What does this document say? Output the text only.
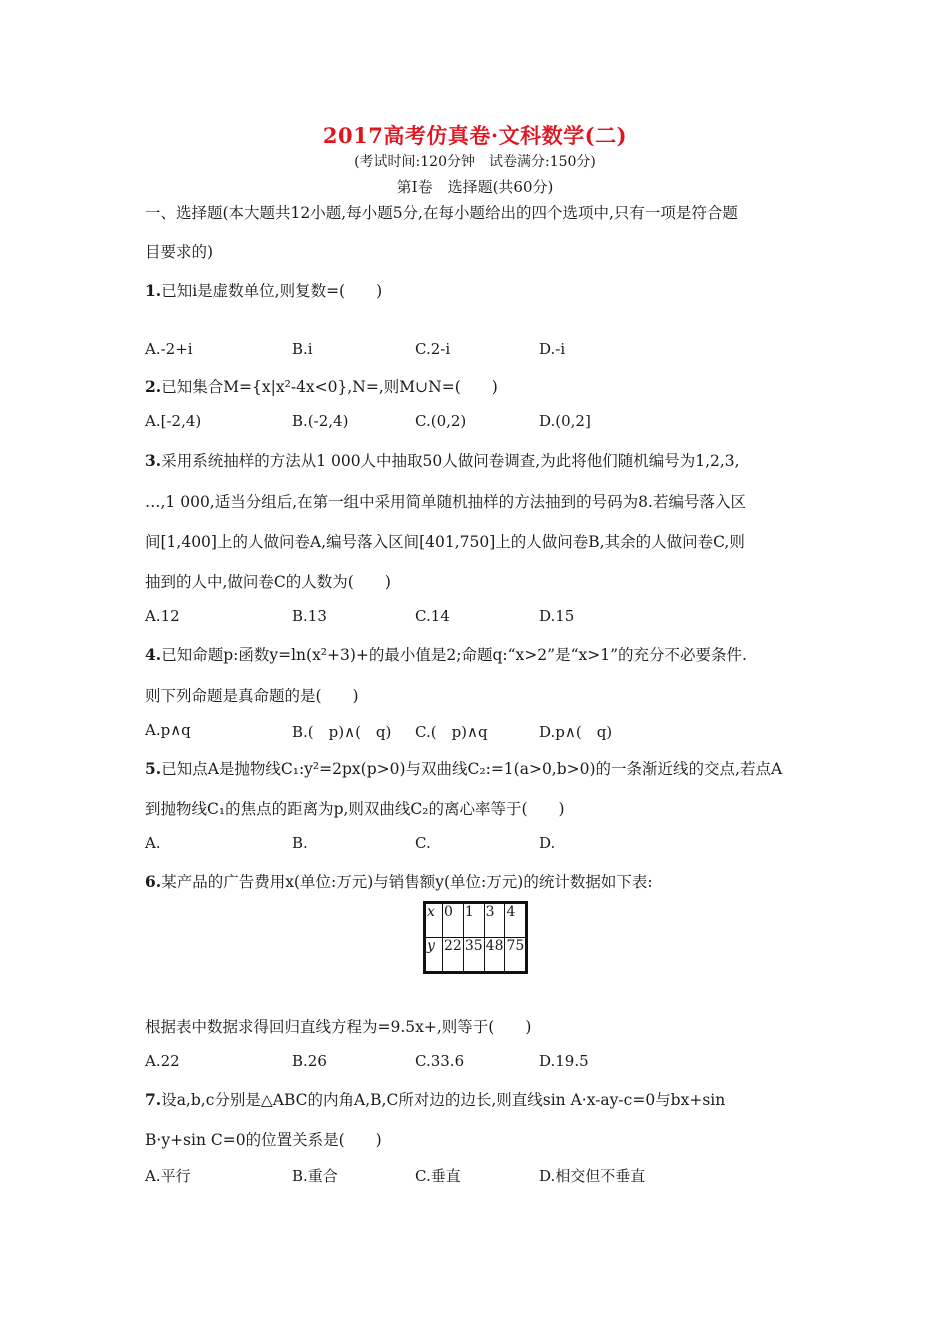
2017高考仿真卷·文科数学(二)
(考试时间:120分钟　试卷满分:150分)
第Ⅰ卷　选择题(共60分)
一、选择题(本大题共12小题,每小题5分,在每小题给出的四个选项中,只有一项是符合题
目要求的)
1.已知i是虚数单位,则复数=(　　)
A.-2+i	B.i	C.2-i	D.-i
2.已知集合M={x|x²-4x<0},N=,则M∪N=(　　)
A.[-2,4)	B.(-2,4)	C.(0,2)	D.(0,2]
3.采用系统抽样的方法从1 000人中抽取50人做问卷调查,为此将他们随机编号为1,2,3,
…,1 000,适当分组后,在第一组中采用简单随机抽样的方法抽到的号码为8.若编号落入区
间[1,400]上的人做问卷A,编号落入区间[401,750]上的人做问卷B,其余的人做问卷C,则
抽到的人中,做问卷C的人数为(　　)
A.12	B.13	C.14	D.15
4.已知命题p:函数y=ln(x²+3)+的最小值是2;命题q:“x>2”是“x>1”的充分不必要条件.
则下列命题是真命题的是(　　)
A.p∧q	B.(　p)∧(　q) C.(　p)∧q	D.p∧(　q)
5.已知点A是抛物线C₁:y²=2px(p>0)与双曲线C₂:=1(a>0,b>0)的一条渐近线的交点,若点A
到抛物线C₁的焦点的距离为p,则双曲线C₂的离心率等于(　　)
A.	B.	C.	D.
6.某产品的广告费用x(单位:万元)与销售额y(单位:万元)的统计数据如下表:
x	0	1	3	4
y	22	35	48	75
根据表中数据求得回归直线方程为=9.5x+,则等于(　　)
A.22	B.26	C.33.6	D.19.5
7.设a,b,c分别是△ABC的内角A,B,C所对边的边长,则直线sin A·x-ay-c=0与bx+sin
B·y+sin C=0的位置关系是(　　)
A.平行	B.重合	C.垂直	D.相交但不垂直
